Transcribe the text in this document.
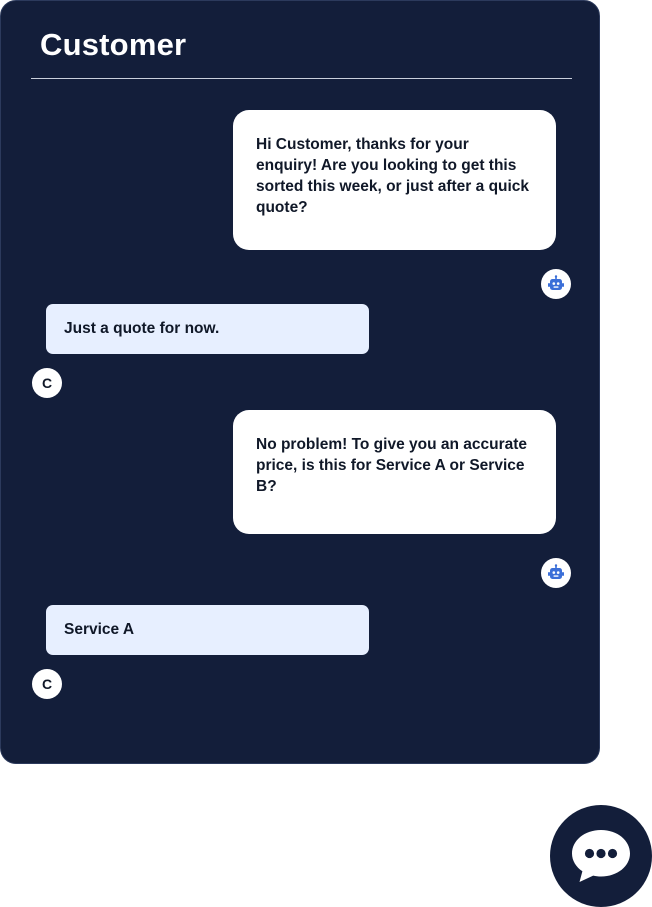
Customer
Hi Customer, thanks for your enquiry! Are you looking to get this sorted this week, or just after a quick quote?
Just a quote for now.
C
No problem! To give you an accurate price, is this for Service A or Service B?
Service A
C
